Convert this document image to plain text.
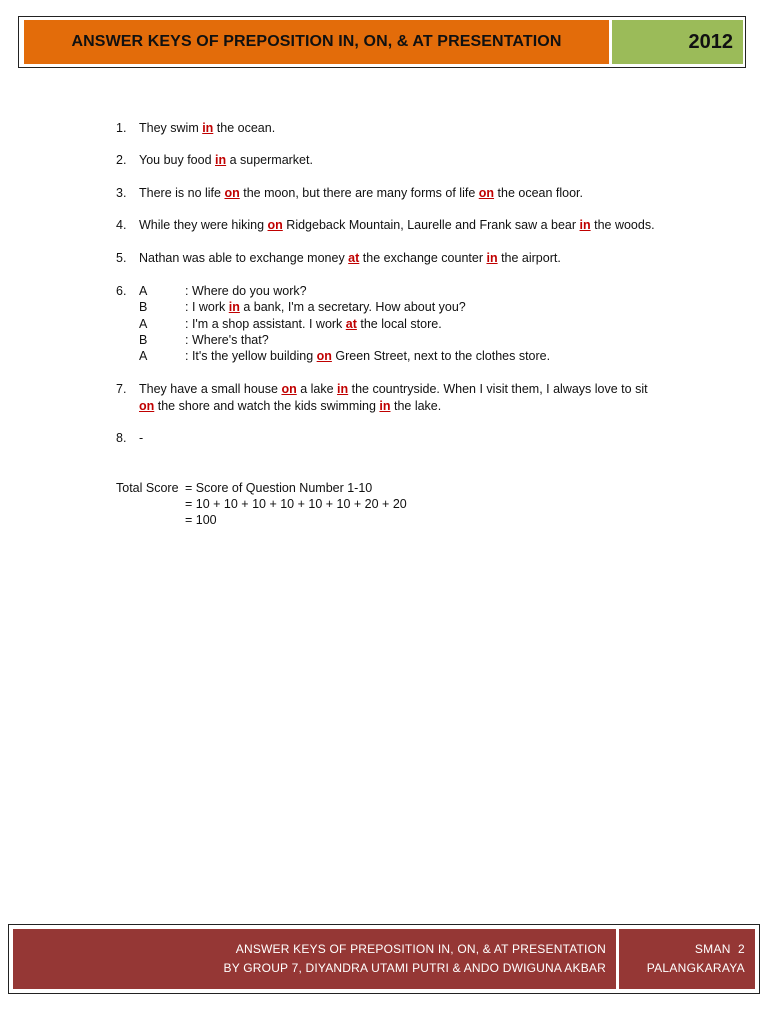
ANSWER KEYS OF PREPOSITION IN, ON, & AT PRESENTATION	2012
1. They swim in the ocean.
2. You buy food in a supermarket.
3. There is no life on the moon, but there are many forms of life on the ocean floor.
4. While they were hiking on Ridgeback Mountain, Laurelle and Frank saw a bear in the woods.
5. Nathan was able to exchange money at the exchange counter in the airport.
6. A	: Where do you work?
B	: I work in a bank, I'm a secretary. How about you?
A	: I'm a shop assistant. I work at the local store.
B	: Where's that?
A	: It's the yellow building on Green Street, next to the clothes store.
7. They have a small house on a lake in the countryside. When I visit them, I always love to sit
on the shore and watch the kids swimming in the lake.
8. -
Total Score = Score of Question Number 1-10
= 10 + 10 + 10 + 10 + 10 + 10 + 20 + 20
= 100
ANSWER KEYS OF PREPOSITION IN, ON, & AT PRESENTATION
BY GROUP 7, DIYANDRA UTAMI PUTRI & ANDO DWIGUNA AKBAR
SMAN  2
PALANGKARAYA
